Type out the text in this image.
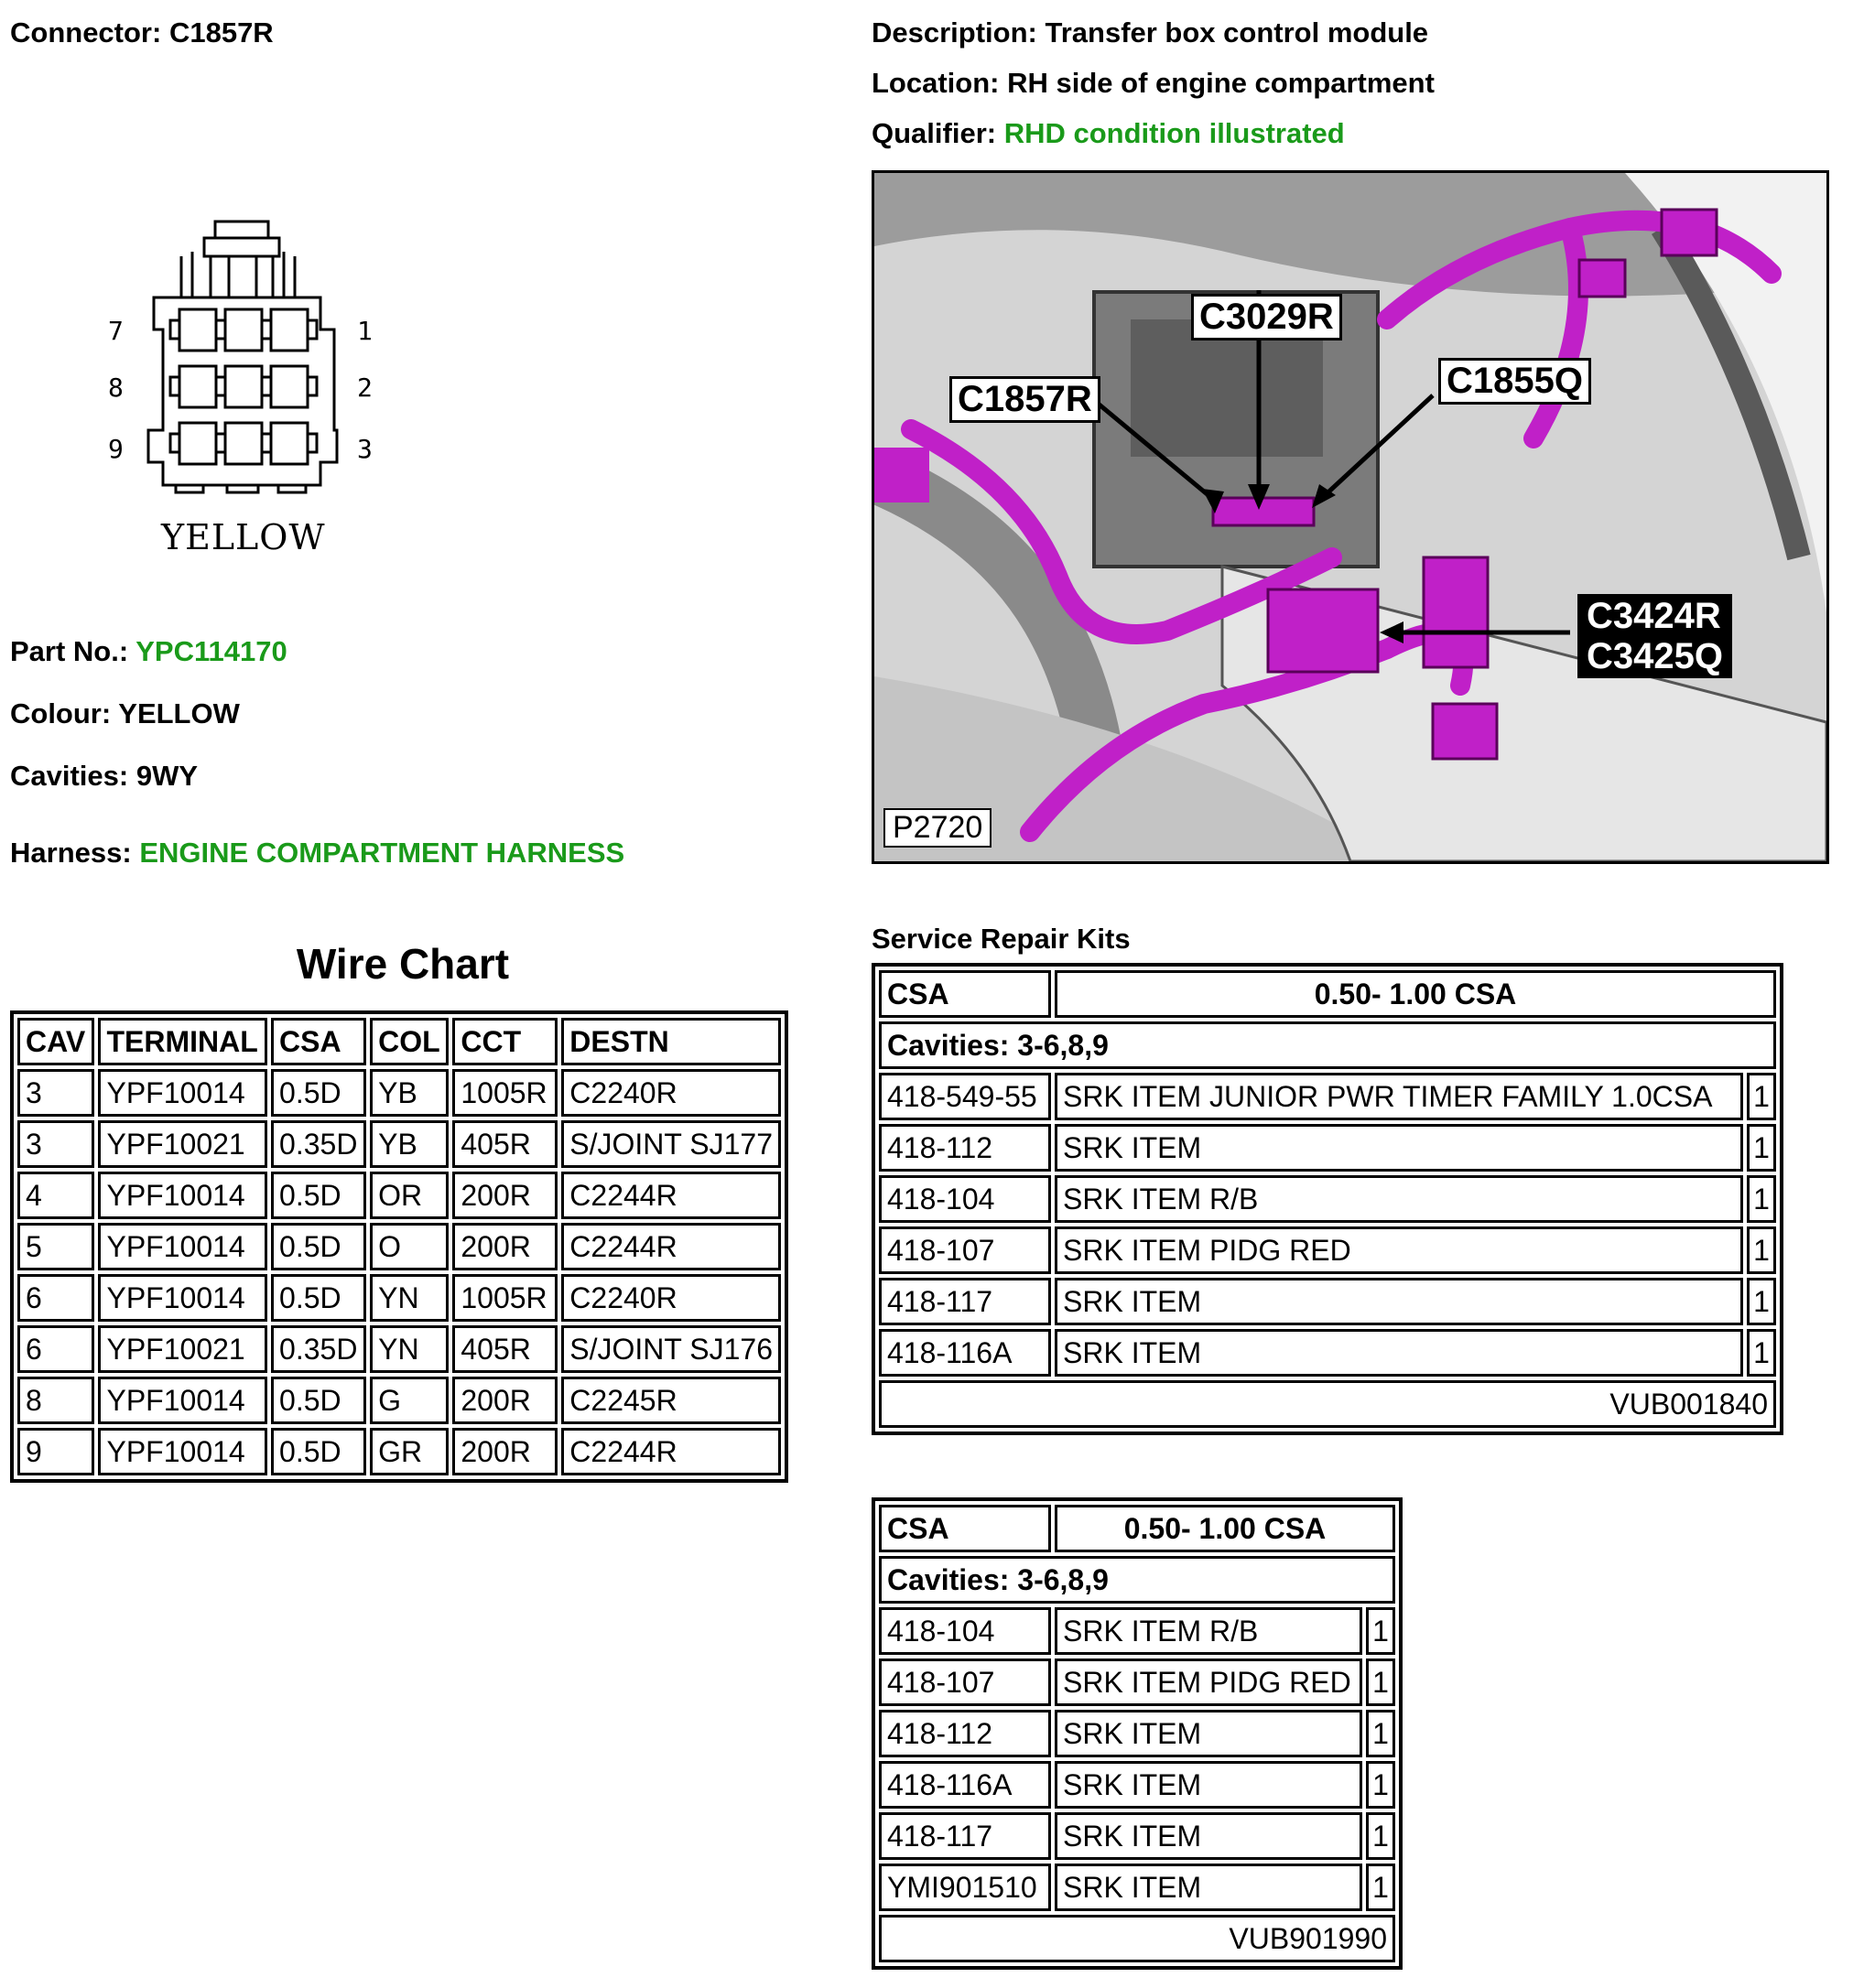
Connector: C1857R	Description: Transfer box control module
Location: RH side of engine compartment
Qualifier: RHD condition illustrated
7
8
9
1
2
3
YELLOW
Part No.: YPC114170
Colour: YELLOW
Cavities: 9WY
Harness: ENGINE COMPARTMENT HARNESS
C3029R
C1857R	C1855Q
C3424R
C3425Q
P2720
Wire Chart
CAV	TERMINAL	CSA	COL	CCT	DESTN
3	YPF10014	0.5D	YB	1005R	C2240R
3	YPF10021	0.35D	YB	405R	S/JOINT SJ177
4	YPF10014	0.5D	OR	200R	C2244R
5	YPF10014	0.5D	O	200R	C2244R
6	YPF10014	0.5D	YN	1005R	C2240R
6	YPF10021	0.35D	YN	405R	S/JOINT SJ176
8	YPF10014	0.5D	G	200R	C2245R
9	YPF10014	0.5D	GR	200R	C2244R
Service Repair Kits
CSA	0.50- 1.00 CSA	
Cavities: 3-6,8,9		
418-549-55	SRK ITEM JUNIOR PWR TIMER FAMILY 1.0CSA	1
418-112	SRK ITEM	1
418-104	SRK ITEM R/B	1
418-107	SRK ITEM PIDG RED	1
418-117	SRK ITEM	1
418-116A	SRK ITEM	1
VUB001840		
CSA	0.50- 1.00 CSA	
Cavities: 3-6,8,9		
418-104	SRK ITEM R/B	1
418-107	SRK ITEM PIDG RED	1
418-112	SRK ITEM	1
418-116A	SRK ITEM	1
418-117	SRK ITEM	1
YMI901510	SRK ITEM	1
VUB901990		
